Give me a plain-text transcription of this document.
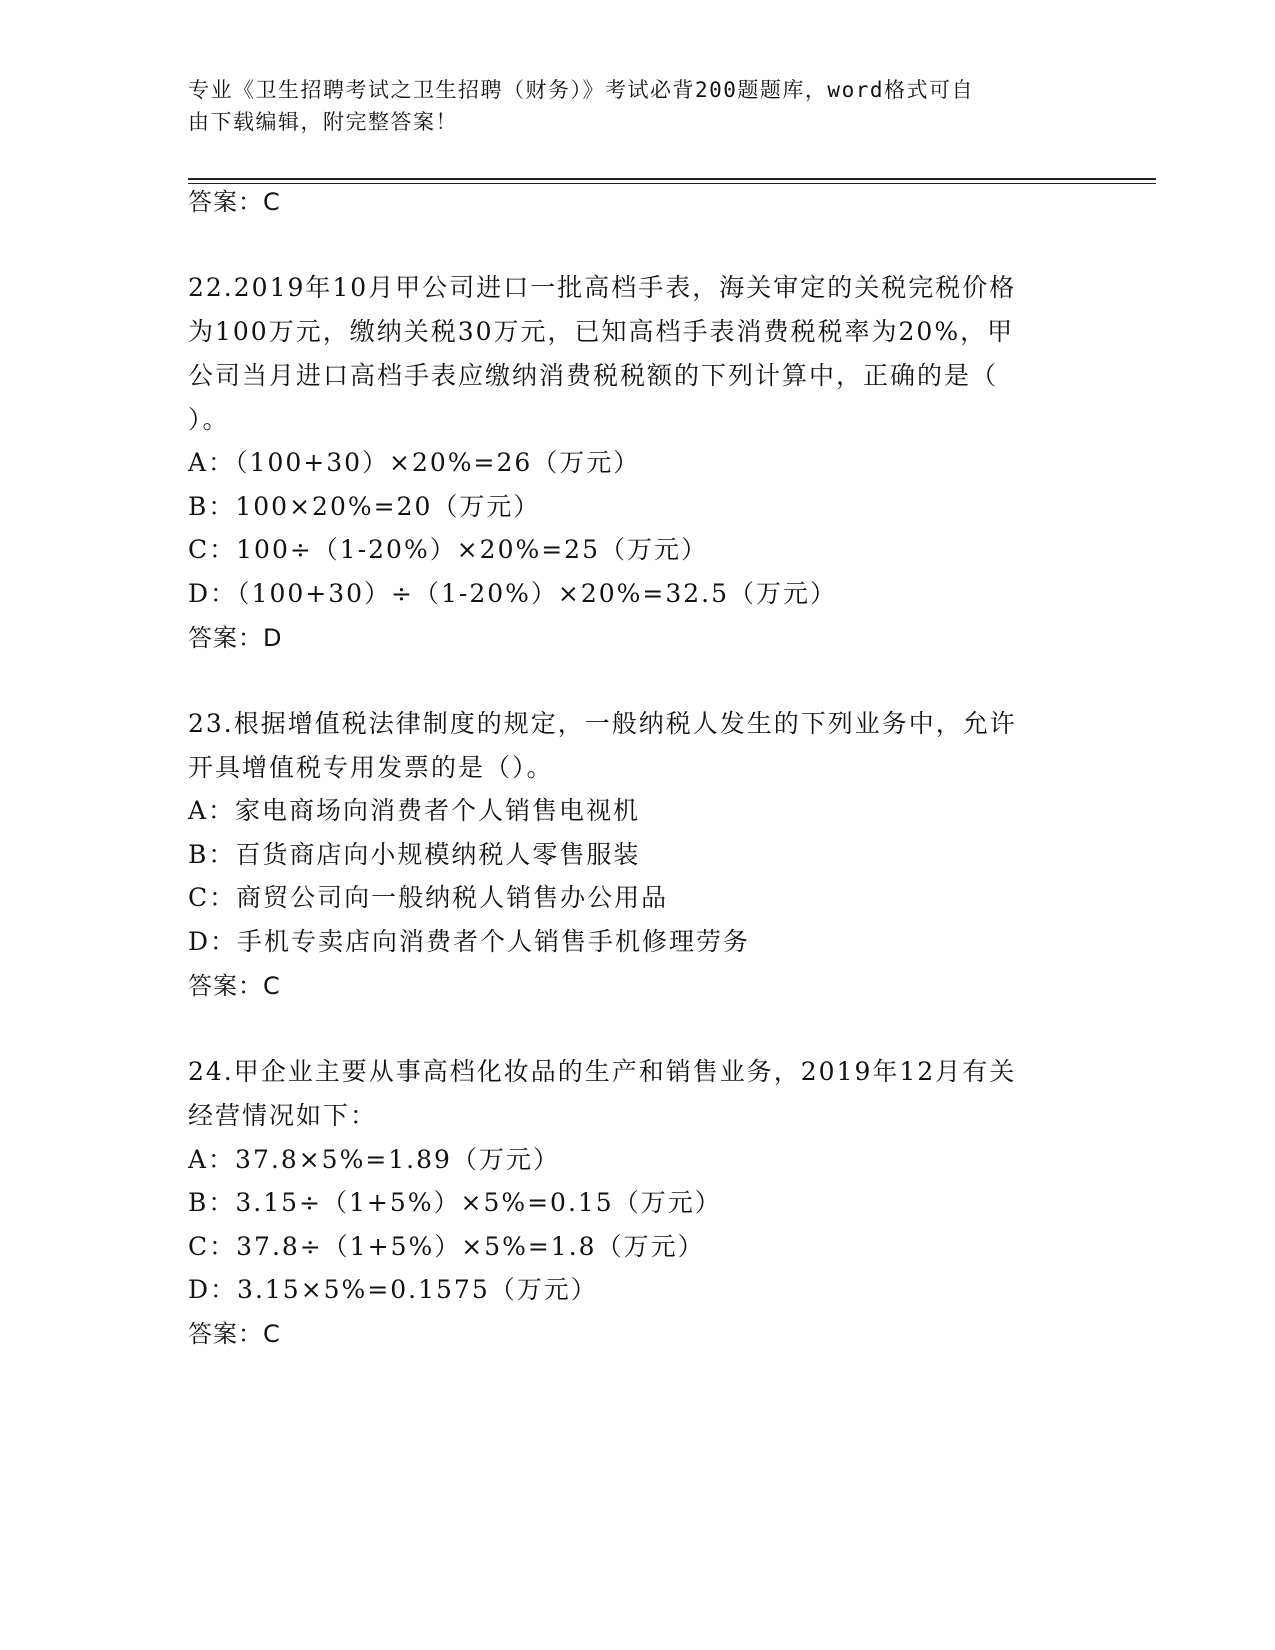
专业《卫生招聘考试之卫生招聘（财务）》考试必背200题题库，word格式可自
由下载编辑，附完整答案！
答案：C
22.2019年10月甲公司进口一批高档手表，海关审定的关税完税价格
为100万元，缴纳关税30万元，已知高档手表消费税税率为20%，甲
公司当月进口高档手表应缴纳消费税税额的下列计算中，正确的是（
）。
A：（100+30）×20%=26（万元）
B：100×20%=20（万元）
C：100÷（1-20%）×20%=25（万元）
D：（100+30）÷（1-20%）×20%=32.5（万元）
答案：D
23.根据增值税法律制度的规定，一般纳税人发生的下列业务中，允许
开具增值税专用发票的是（）。
A：家电商场向消费者个人销售电视机
B：百货商店向小规模纳税人零售服装
C：商贸公司向一般纳税人销售办公用品
D：手机专卖店向消费者个人销售手机修理劳务
答案：C
24.甲企业主要从事高档化妆品的生产和销售业务，2019年12月有关
经营情况如下：
A：37.8×5%=1.89（万元）
B：3.15÷（1+5%）×5%=0.15（万元）
C：37.8÷（1+5%）×5%=1.8（万元）
D：3.15×5%=0.1575（万元）
答案：C
